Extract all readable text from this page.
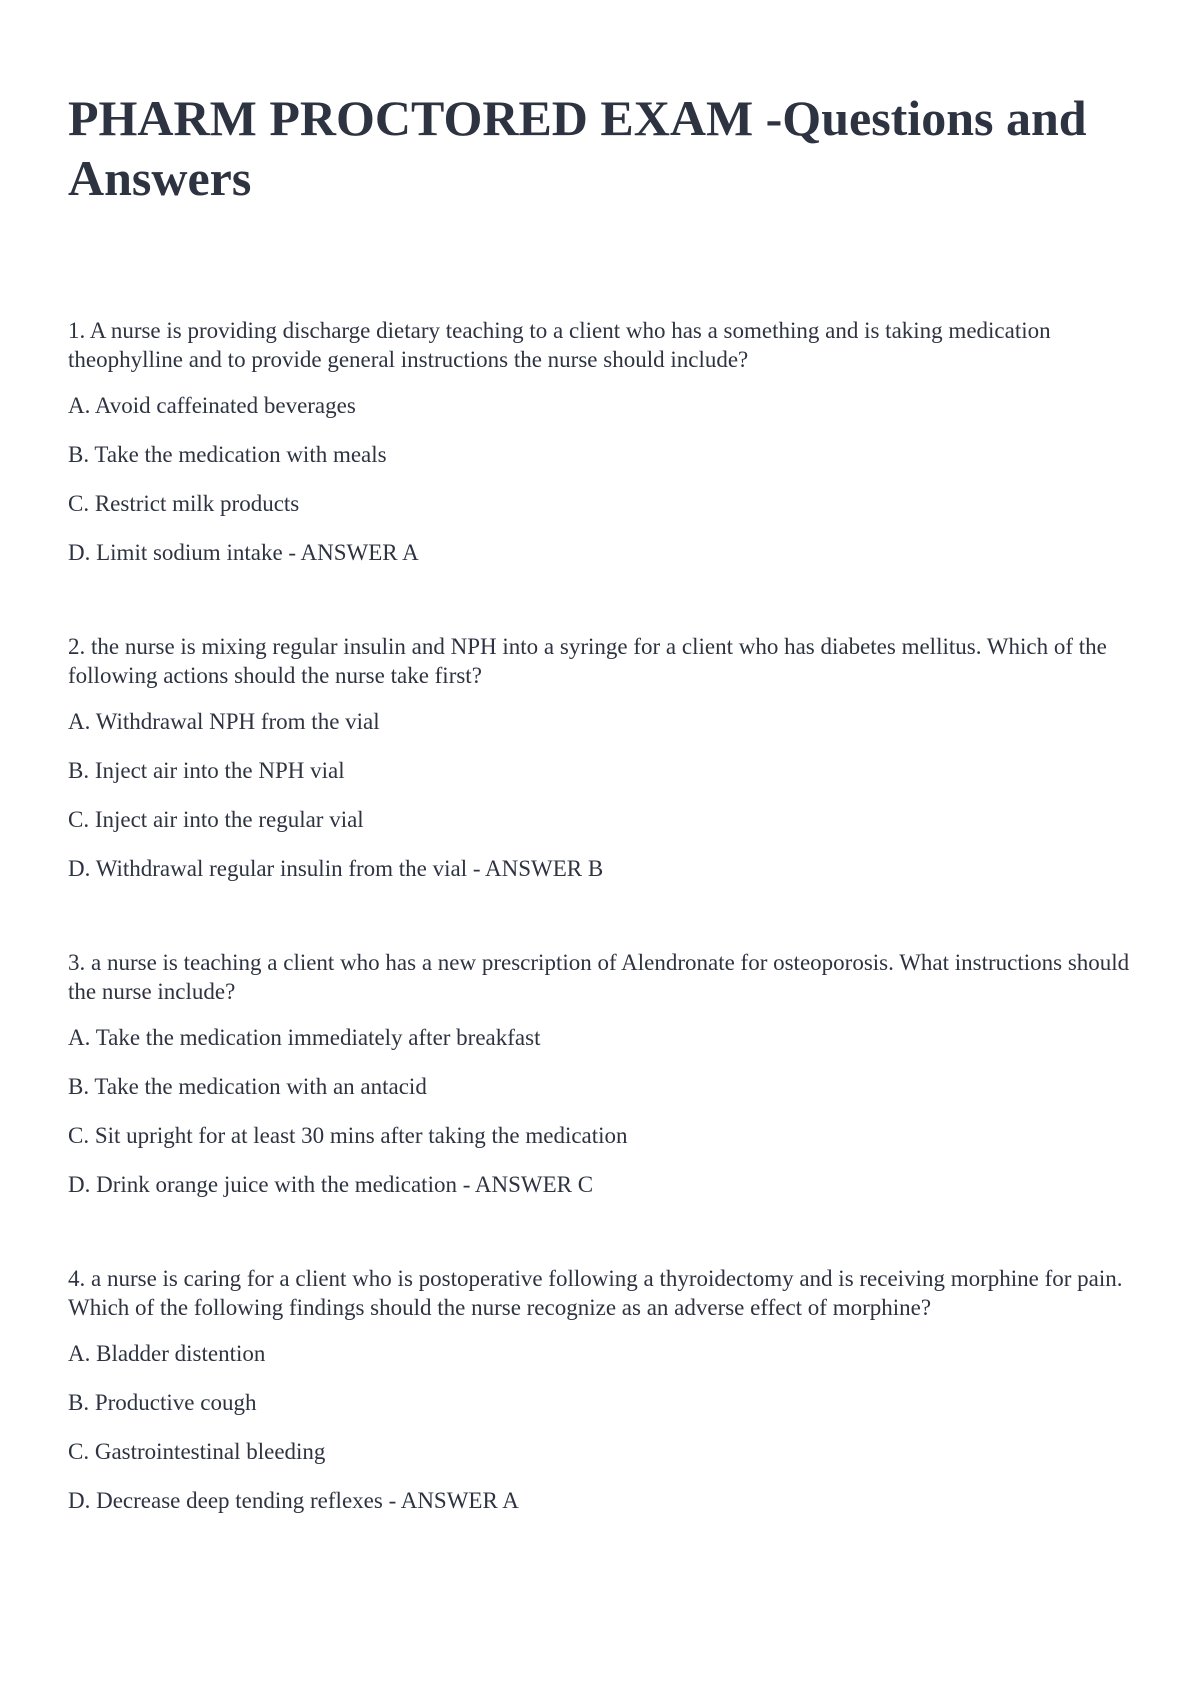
PHARM PROCTORED EXAM -Questions and Answers

1. A nurse is providing discharge dietary teaching to a client who has a something and is taking medication theophylline and to provide general instructions the nurse should include?

A. Avoid caffeinated beverages

B. Take the medication with meals

C. Restrict milk products

D. Limit sodium intake - ANSWER A

2. the nurse is mixing regular insulin and NPH into a syringe for a client who has diabetes mellitus. Which of the following actions should the nurse take first?

A. Withdrawal NPH from the vial

B. Inject air into the NPH vial

C. Inject air into the regular vial

D. Withdrawal regular insulin from the vial - ANSWER B

3. a nurse is teaching a client who has a new prescription of Alendronate for osteoporosis. What instructions should the nurse include?

A. Take the medication immediately after breakfast

B. Take the medication with an antacid

C. Sit upright for at least 30 mins after taking the medication

D. Drink orange juice with the medication - ANSWER C

4. a nurse is caring for a client who is postoperative following a thyroidectomy and is receiving morphine for pain. Which of the following findings should the nurse recognize as an adverse effect of morphine?

A. Bladder distention

B. Productive cough

C. Gastrointestinal bleeding

D. Decrease deep tending reflexes - ANSWER A
